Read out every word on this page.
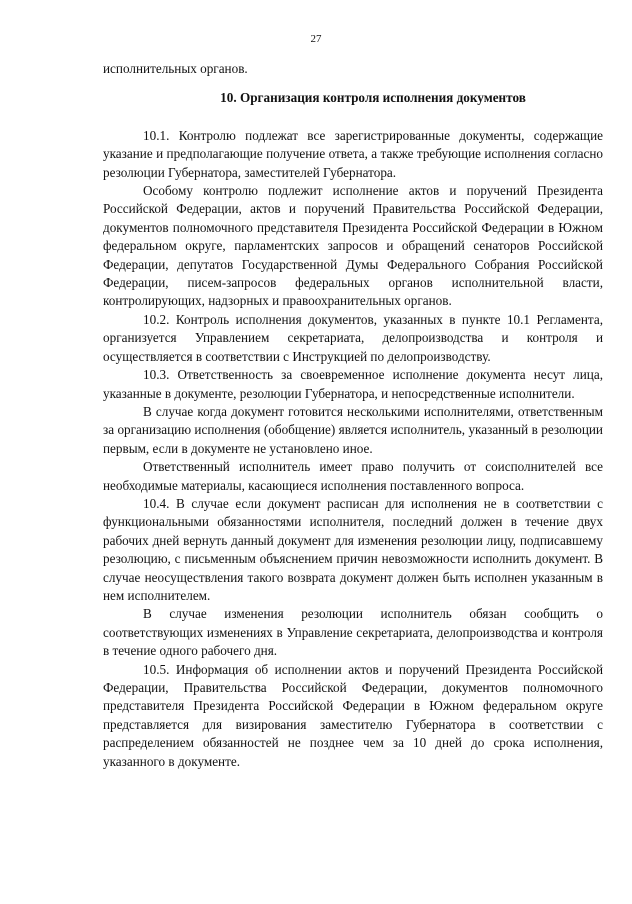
27

исполнительных органов.

10. Организация контроля исполнения документов

10.1. Контролю подлежат все зарегистрированные документы, содержащие указание и предполагающие получение ответа, а также требующие исполнения согласно резолюции Губернатора, заместителей Губернатора.

Особому контролю подлежит исполнение актов и поручений Президента Российской Федерации, актов и поручений Правительства Российской Федерации, документов полномочного представителя Президента Российской Федерации в Южном федеральном округе, парламентских запросов и обращений сенаторов Российской Федерации, депутатов Государственной Думы Федерального Собрания Российской Федерации, писем-запросов федеральных органов исполнительной власти, контролирующих, надзорных и правоохранительных органов.

10.2. Контроль исполнения документов, указанных в пункте 10.1 Регламента, организуется Управлением секретариата, делопроизводства и контроля и осуществляется в соответствии с Инструкцией по делопроизводству.

10.3. Ответственность за своевременное исполнение документа несут лица, указанные в документе, резолюции Губернатора, и непосредственные исполнители.

В случае когда документ готовится несколькими исполнителями, ответственным за организацию исполнения (обобщение) является исполнитель, указанный в резолюции первым, если в документе не установлено иное.

Ответственный исполнитель имеет право получить от соисполнителей все необходимые материалы, касающиеся исполнения поставленного вопроса.

10.4. В случае если документ расписан для исполнения не в соответствии с функциональными обязанностями исполнителя, последний должен в течение двух рабочих дней вернуть данный документ для изменения резолюции лицу, подписавшему резолюцию, с письменным объяснением причин невозможности исполнить документ. В случае неосуществления такого возврата документ должен быть исполнен указанным в нем исполнителем.

В случае изменения резолюции исполнитель обязан сообщить о соответствующих изменениях в Управление секретариата, делопроизводства и контроля в течение одного рабочего дня.

10.5. Информация об исполнении актов и поручений Президента Российской Федерации, Правительства Российской Федерации, документов полномочного представителя Президента Российской Федерации в Южном федеральном округе представляется для визирования заместителю Губернатора в соответствии с распределением обязанностей не позднее чем за 10 дней до срока исполнения, указанного в документе.
